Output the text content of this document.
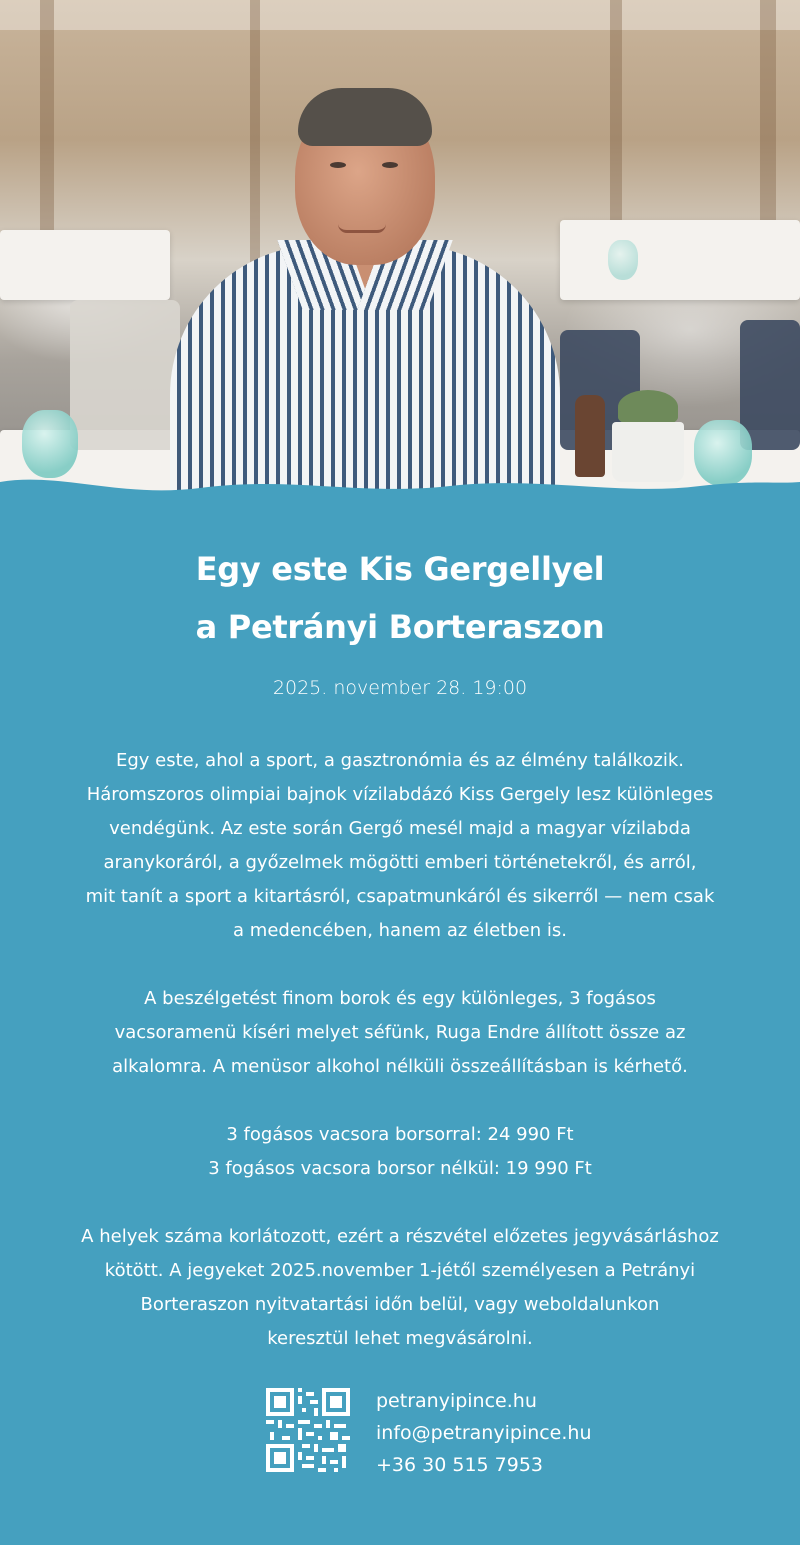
Egy este Kis Gergellyel
a Petrányi Borteraszon

2025. november 28. 19:00

Egy este, ahol a sport, a gasztronómia és az élmény találkozik.
Háromszoros olimpiai bajnok vízilabdázó Kiss Gergely lesz különleges
vendégünk. Az este során Gergő mesél majd a magyar vízilabda
aranykoráról, a győzelmek mögötti emberi történetekről, és arról,
mit tanít a sport a kitartásról, csapatmunkáról és sikerről — nem csak
a medencében, hanem az életben is.
A beszélgetést finom borok és egy különleges, 3 fogásos
vacsoramenü kíséri melyet séfünk, Ruga Endre állított össze az
alkalomra. A menüsor alkohol nélküli összeállításban is kérhető.
3 fogásos vacsora borsorral: 24 990 Ft
3 fogásos vacsora borsor nélkül: 19 990 Ft
A helyek száma korlátozott, ezért a részvétel előzetes jegyvásárláshoz
kötött. A jegyeket 2025.november 1-jétől személyesen a Petrányi
Borteraszon nyitvatartási időn belül, vagy weboldalunkon
keresztül lehet megvásárolni.
petranyipince.hu
info@petranyipince.hu
+36 30 515 7953
